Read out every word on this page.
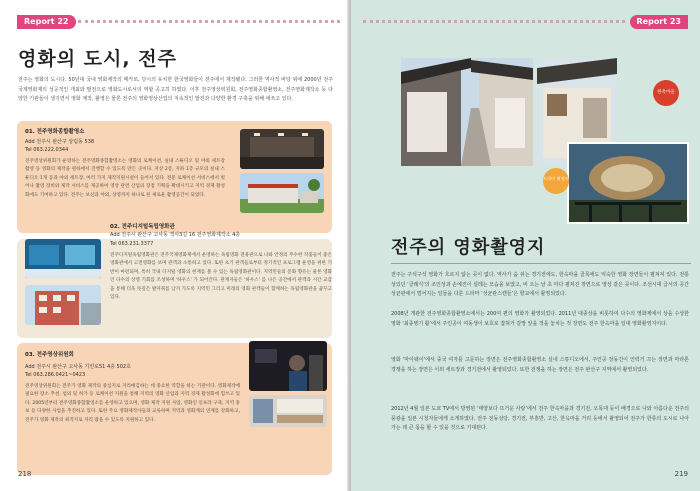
Report 22
영화의 도시, 전주
전주는 영화의 도시다. 50년대 국내 영화제작의 메카로, 당시의 유치한 한국영화들이 전주에서 제작됐다. 그러한 역사적 바탕 위에 2000년 전주국제영화제의 성공적인 개최와 발전으로 영화도시로서의 역할 공고히 하였다. 이후 전주영상위원회, 전주영화종합촬영소, 전주영화제작소 등 다양한 기관들이 생기면서 영화 제작, 촬영은 물론 전주의 영화영상산업의 지속적인 발전과 다양한 환경 구축을 위해 애쓰고 있다.
01. 전주영화종합촬영소
Add 전주시 완산구 상림동 538
Tel 063.222.0344
전주영상위원회가 운영하는 전주영화종합촬영소는 영화의 로케이션, 실내 스튜디오 및 야외 세트장 촬영 등 영화의 제작을 원하에서 진행할 수 있도록 만든 곳이다. 지상 2층, 지하 1층 규모의 실내 스튜디오 1개 동과 야외 세트장, 여러 가지 제작지원시설이 들어서 있다. 전문 로케이션 서비스에서 벗어나 촬영 장비와 제작 서비스를 제공하여 영상 관련 산업의 장점 기획을 확대시키고 지역 경제 활성화에도 기여하고 있다. 전주는 보신과 야외, 상영까지 하나로 된 새로운 촬영공간이 되었다.
02. 전주디지털독립영화관
Add 전주시 완산구 고사동 객사3길 16 전주영화제작소 4층
Tel 063.231.3377
전주디지털독립영화관은 전주국제영화제에서 운영하는 독립영화 전용관으로 나와 안정의 무수한 작품들이 좋은 영화관에서 고전영화를 보며 관객과 소통하고 있다. 또한 초기 관객들로부터 정기적인 프로그램 운영을 위한 기반이 마련되며, 특히 국내 디지털 영화의 현재를 볼 수 있는 독립영화관이다. 지역민들의 문화 향유는 물론 영화인 다수의 상영 기회를 조성하며 '하우스' 가 되어간다. 관계자들은 '하우스' 를 나은 공간에서 관객과 시간 교감을 통해 더욱 뜻깊은 발자취를 남겨 가도록 지역민 그리고 미래의 영화 관객들이 함께하는 독립영화관을 꿈꾸고 있다.
03. 전주영상위원회
Add 전주시 완산구 고사동 기린로51 4층 502호
Tel 063.286.0421~0423
전주영상위원회는 전주가 영화 제작의 중심지로 자리매김하는 데 중요한 역할을 하는 기관이다. 영화제작에 필요한 장소 추천, 섭외 및 허가 등 로케이션 지원을 통해 지역의 영화 산업과 지역 경제 활성화에 힘쓰고 있다. 2005년부터 전주영화종합촬영소를 운영하고 있으며, 영화 제작 지원 사업, 영화인 인프라 구축, 지역 홍보 등 다양한 사업을 추진하고 있다. 또한 주요 영화제작사들과 교류하며 지역과 영화계의 연계를 강화하고, 전주가 영화 제작의 최적지로 자리 잡을 수 있도록 지원하고 있다.
218
Report 23
한옥마을
드라마 촬영지
전주의 영화촬영지
전주는 구석구석 영화가 흐르지 않는 곳이 없다. 역사가 숨 쉬는 경기전에도, 한옥마을 골목에도 익숙한 영화 장면들이 펼쳐져 있다. 전통성있던 ‘클래식’의 조인성과 손예진이 설레는 모습을 보였고, 비 오는 날 초 마다 펼쳐진 장면으로 영상 같은 곳이다. 조선시대 급서의 공간 성균관에서 벌어지는 일들을 다룬 드라마 ‘성균관스캔들’은 향교에서 촬영되었다.
2008년 개관한 전주영화종합촬영소에서는 200여 편의 영화가 촬영되었다. 2011년 대종상을 비롯하여 다수의 영화제에서 상을 수상한 영화 ‘최종병기 활’에서 주인공이 여동생이 보호로 잡혀가 갈망 앞을 적을 놓치는 것 장면도 전주 한옥마을 일대 영화촬영지이다.
영화 ‘마이웨이’에서 중국 여자를 고문하는 장면은 전주영화종합촬영소 실내 스튜디오에서, 주인공 장동건이 인력거 끄는 장면과 마라톤 경쟁을 하는 장면은 이외 세트장과 경기전에서 촬영되었다. 또한 전쟁을 하는 장면은 전주 완산구 지역에서 촬영되었다.
2012년 4월 일본 도쿄 TV에서 방영된 ‘태양보다 뜨거운 사랑’에서 전주 한옥마을과 경기전, 오목대 등이 배경으로 나와 아름다운 전주의 풍광을 일본 시청자들에게 소개하였다. 전주 전동성당, 경기전, 부흥반, 고산, 한옥마을 거리 등에서 촬영되어 전주가 한류의 도시로 나아가는 데 큰 몫을 할 수 있을 것으로 기대된다.
219
